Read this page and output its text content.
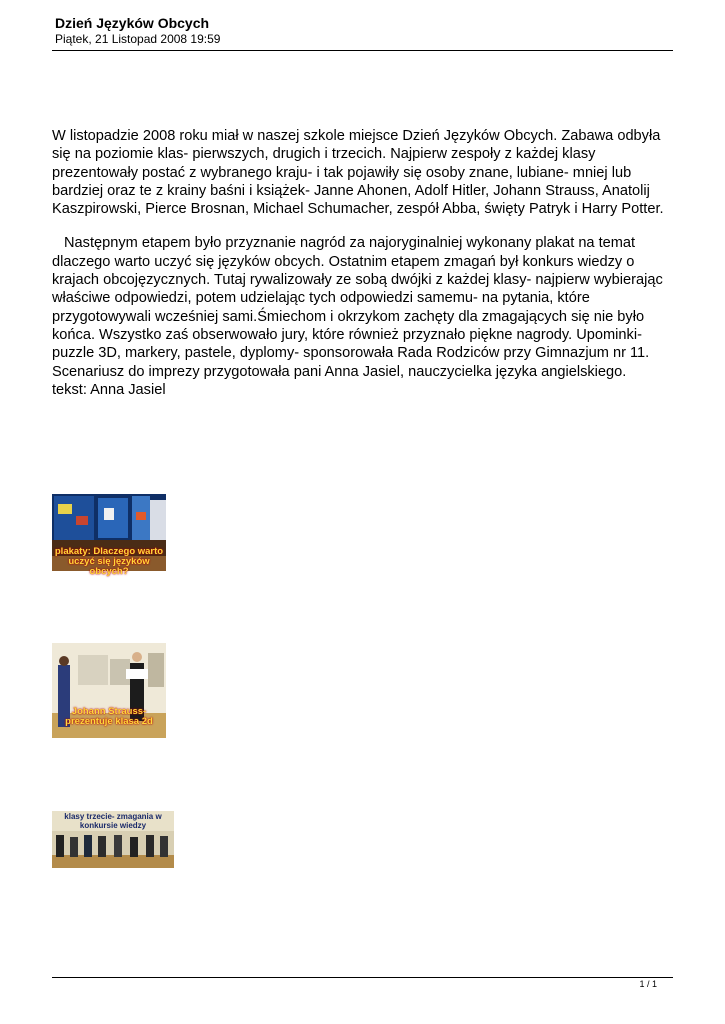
Dzień Języków Obcych
Piątek, 21 Listopad 2008 19:59

W listopadzie 2008 roku miał w naszej szkole miejsce Dzień Języków Obcych. Zabawa odbyła się na poziomie klas- pierwszych, drugich i trzecich. Najpierw zespoły z każdej klasy prezentowały postać z wybranego kraju- i tak pojawiły się osoby znane, lubiane- mniej lub bardziej oraz te z krainy baśni i książek- Janne Ahonen, Adolf Hitler, Johann Strauss, Anatolij Kaszpirowski, Pierce Brosnan, Michael Schumacher, zespół Abba, święty Patryk i Harry Potter.

Następnym etapem było przyznanie nagród za najoryginalniej wykonany plakat na temat dlaczego warto uczyć się języków obcych. Ostatnim etapem zmagań był konkurs wiedzy o krajach obcojęzycznych. Tutaj rywalizowały ze sobą dwójki z każdej klasy- najpierw wybierając właściwe odpowiedzi, potem udzielając tych odpowiedzi samemu- na pytania, które przygotowywali wcześniej sami.Śmiechom i okrzykom zachęty dla zmagających się nie było końca. Wszystko zaś obserwowało jury, które również przyznało piękne nagrody. Upominki- puzzle 3D, markery, pastele, dyplomy- sponsorowała Rada Rodziców przy Gimnazjum nr 11. Scenariusz do imprezy przygotowała pani Anna Jasiel, nauczycielka języka angielskiego.

tekst: Anna Jasiel
plakaty: Dlaczego warto uczyć się języków obcych?
Johann Strauss- prezentuje klasa 2d
klasy trzecie- zmagania w konkursie wiedzy
1 / 1
